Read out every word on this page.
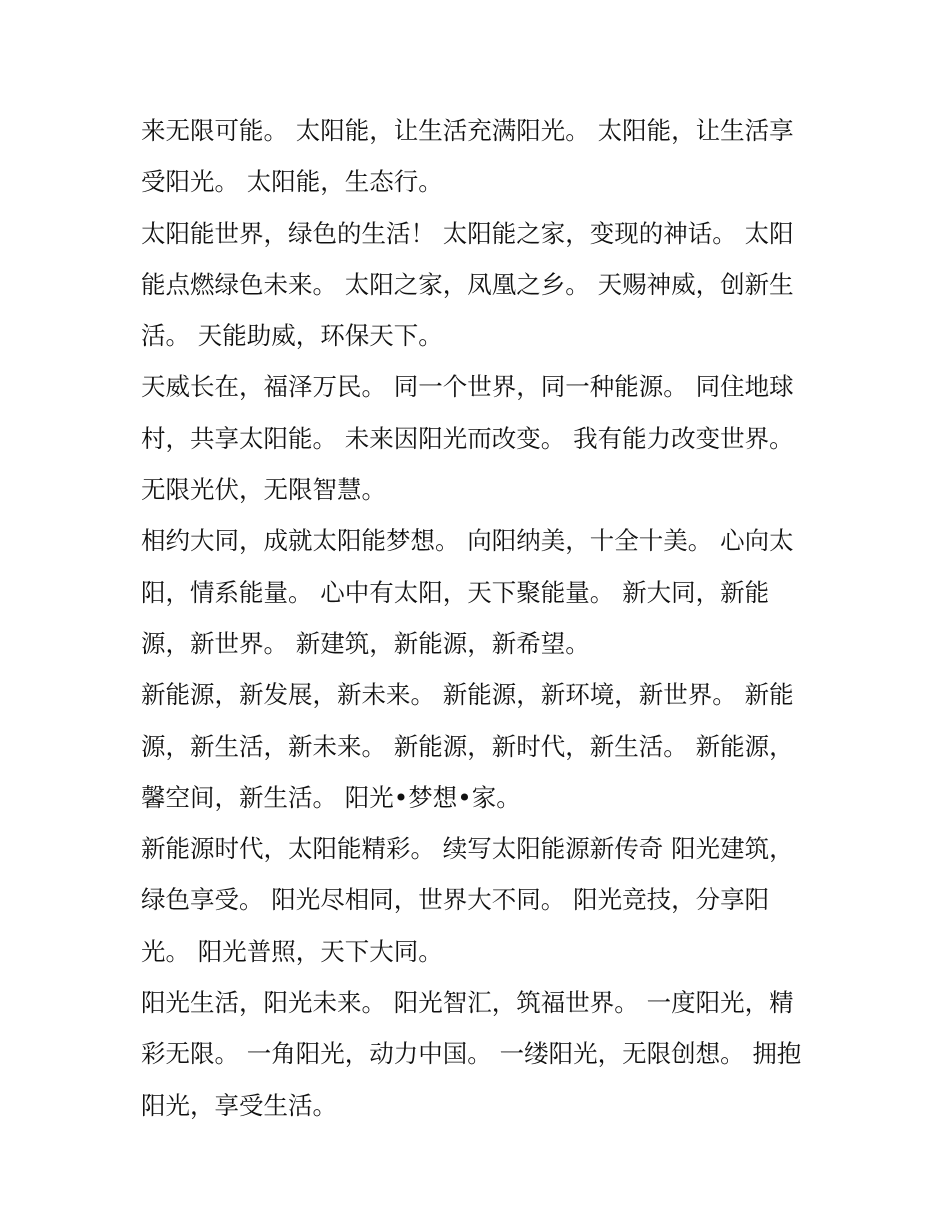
来无限可能。 太阳能，让生活充满阳光。 太阳能，让生活享
受阳光。 太阳能，生态行。

太阳能世界，绿色的生活！ 太阳能之家，变现的神话。 太阳
能点燃绿色未来。 太阳之家，凤凰之乡。 天赐神威，创新生
活。 天能助威，环保天下。

天威长在，福泽万民。 同一个世界，同一种能源。 同住地球
村，共享太阳能。 未来因阳光而改变。 我有能力改变世界。
无限光伏，无限智慧。

相约大同，成就太阳能梦想。 向阳纳美，十全十美。 心向太
阳，情系能量。 心中有太阳，天下聚能量。 新大同，新能
源，新世界。 新建筑，新能源，新希望。

新能源，新发展，新未来。 新能源，新环境，新世界。 新能
源，新生活，新未来。 新能源，新时代，新生活。 新能源，
馨空间，新生活。 阳光•梦想•家。

新能源时代，太阳能精彩。 续写太阳能源新传奇 阳光建筑，
绿色享受。 阳光尽相同，世界大不同。 阳光竞技，分享阳
光。 阳光普照，天下大同。

阳光生活，阳光未来。 阳光智汇，筑福世界。 一度阳光，精
彩无限。 一角阳光，动力中国。 一缕阳光，无限创想。 拥抱
阳光，享受生活。
